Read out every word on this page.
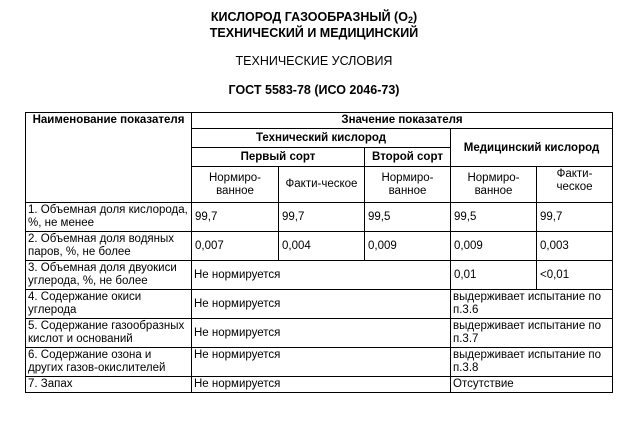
КИСЛОРОД ГАЗООБРАЗНЫЙ $(О_2)$
ТЕХНИЧЕСКИЙ И МЕДИЦИНСКИЙ
ТЕХНИЧЕСКИЕ УСЛОВИЯ
ГОСТ 5583-78 (ИСО 2046-73)
Наименование показателя	Значение показателя				
	Технический кислород			Медицинский кислород	
	Первый сорт		Второй сорт		
	Нормиро-ванное	Факти-ческое	Нормиро-ванное	Нормиро-ванное	Факти-ческое
1. Объемная доля кислорода, %, не менее	99,7	99,7	99,5	99,5	99,7
2. Объемная доля водяных паров, %, не более	0,007	0,004	0,009	0,009	0,003
3. Объемная доля двуокиси углерода, %, не более	Не нормируется			0,01	<0,01
4. Содержание окиси углерода	Не нормируется			выдерживает испытание по п.3.6	
5. Содержание газообразных кислот и оснований	Не нормируется			выдерживает испытание по п.3.7	
6. Содержание озона и других газов-окислителей	Не нормируется			выдерживает испытание по п.3.8	
7. Запах	Не нормируется			Отсутствие	
